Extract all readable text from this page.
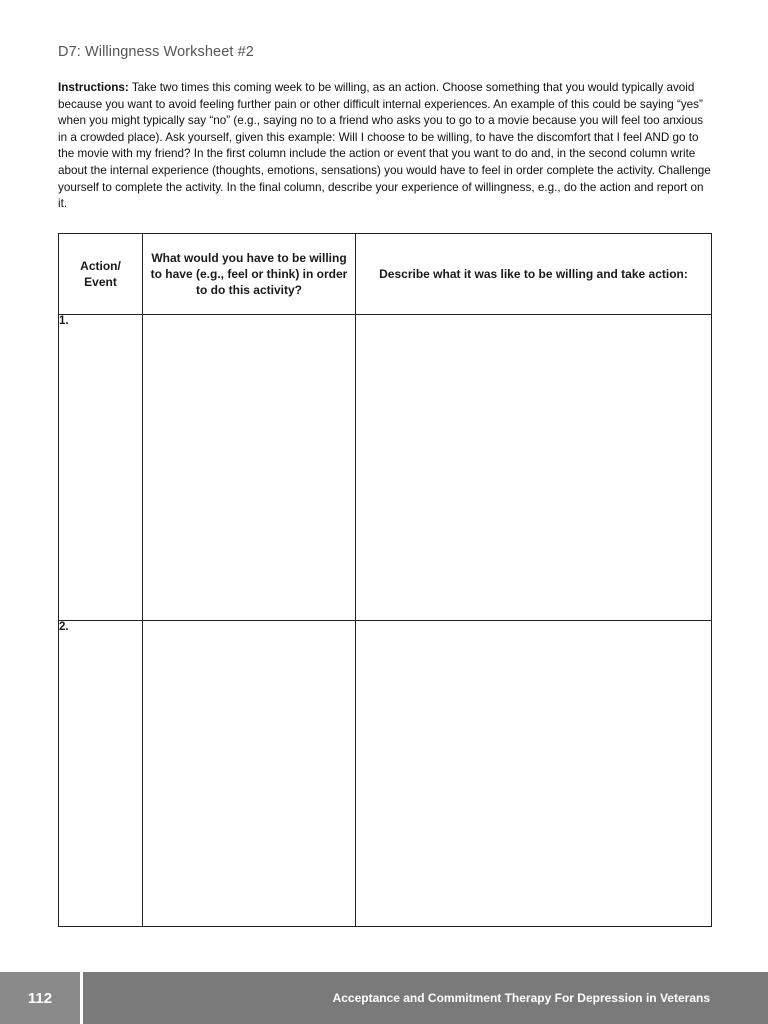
D7: Willingness Worksheet #2
Instructions: Take two times this coming week to be willing, as an action. Choose something that you would typically avoid because you want to avoid feeling further pain or other difficult internal experiences. An example of this could be saying “yes” when you might typically say “no” (e.g., saying no to a friend who asks you to go to a movie because you will feel too anxious in a crowded place). Ask yourself, given this example: Will I choose to be willing, to have the discomfort that I feel AND go to the movie with my friend? In the first column include the action or event that you want to do and, in the second column write about the internal experience (thoughts, emotions, sensations) you would have to feel in order complete the activity. Challenge yourself to complete the activity. In the final column, describe your experience of willingness, e.g., do the action and report on it.
Action/ Event	What would you have to be willing to have (e.g., feel or think) in order to do this activity?	Describe what it was like to be willing and take action:

1.		
2.		
112	Acceptance and Commitment Therapy For Depression in Veterans
